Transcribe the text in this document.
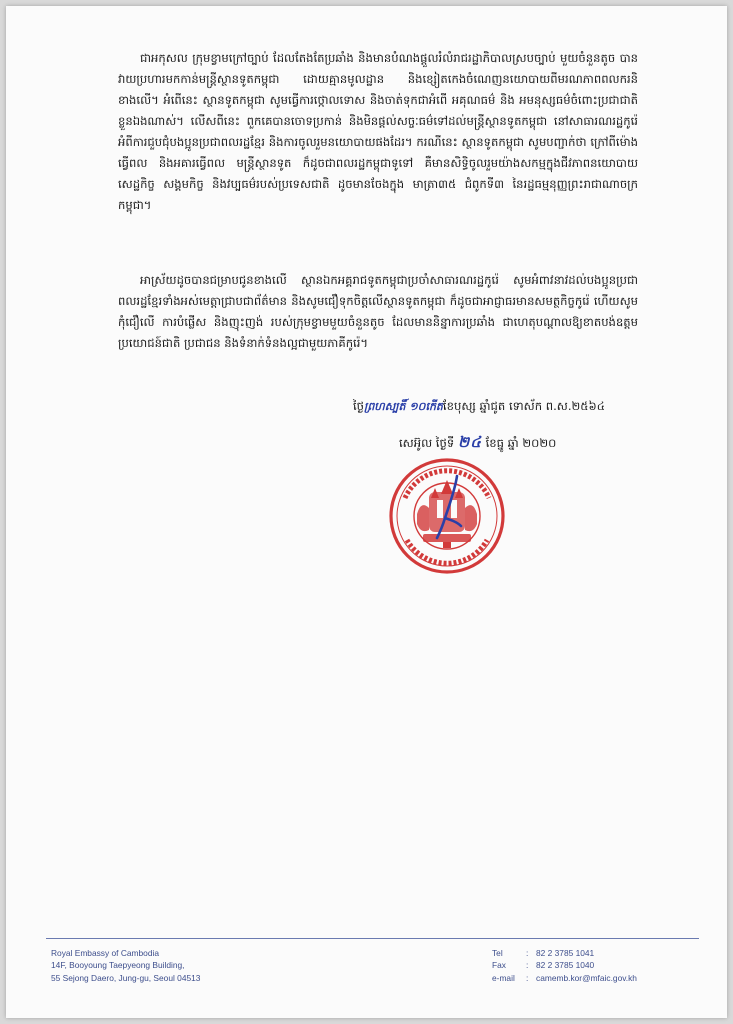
ជាអកុសល ក្រុមខ្វាមក្រៅច្បាប់ ដែលតែងតែប្រឆាំង និងមានបំណងផ្តួលរំលំរាជរដ្ឋាភិបាលស្របច្បាប់ មួយចំនួនតូច បានវាយប្រហារមកកាន់មន្ត្រីស្ថានទូតកម្ពុជា ដោយគ្មានមូលដ្ឋាន និងខ្សៀតកេងចំណេញនយោបាយពីមរណភាពពលករនិខាងលើ។ អំពើនេះ ស្ថានទូតកម្ពុជា សូមធ្វើការថ្កោលទោស និងចាត់ទុកជាអំពើ អគុណធម៌ និង អមនុស្សធម៌ចំពោះប្រជាជាតិខ្លួនឯងណាស់។ លើសពីនេះ ពួកគេបានចោទប្រកាន់ និងមិនផ្តល់សច្ចៈធម៌ទៅដល់មន្ត្រីស្ថានទូតកម្ពុជា នៅសាធារណរដ្ឋកូរ៉េ អំពីការជួបជុំបងប្អូនប្រជាពលរដ្ឋខ្មែរ និងការចូលរួមនយោបាយផងដែរ។ ករណីនេះ ស្ថានទូតកម្ពុជា សូមបញ្ជាក់ថា ក្រៅពីម៉ោងធ្វើពល និងអគារធ្វើពល មន្ត្រីស្ថានទូត ក៏ដូចជាពលរដ្ឋកម្ពុជាទូទៅ គឺមានសិទ្ធិចូលរួមយ៉ាងសកម្មក្នុងជីវភាពនយោបាយ សេដ្ឋកិច្ច សង្គមកិច្ច និងវប្បធម៌របស់ប្រទេសជាតិ ដូចមានចែងក្នុង មាត្រា៣៥ ជំពូកទី៣ នៃរដ្ឋធម្មនុញ្ញព្រះរាជាណាចក្រកម្ពុជា។

អាស្រ័យដូចបានជម្រាបជូនខាងលើ ស្ថានឯកអគ្គរាជទូតកម្ពុជាប្រចាំសាធារណរដ្ឋកូរ៉េ សូមអំពាវនាវដល់បងប្អូនប្រជាពលរដ្ឋខ្មែរទាំងអស់មេត្តាជ្រាបជាព័ត៌មាន និងសូមជឿទុកចិត្តលើស្ថានទូតកម្ពុជា ក៏ដូចជាអាជ្ញាធរមានសមត្ថកិច្ចកូរ៉េ ហើយសូមកុំជឿលើ ការបំផ្លើស និងញុះញង់ របស់ក្រុមខ្វាមមួយចំនួនតូច ដែលមាននិន្នាការប្រឆាំង ជាហេតុបណ្តាលឱ្យខាតបង់ឧត្តមប្រយោជន៍ជាតិ ប្រជាជន និងទំនាក់ទំនងល្អជាមួយភាគីកូរ៉េ។

ថ្ងៃព្រហស្បតិ៍ ១០កើតខែបុស្ស ឆ្នាំជូត ទោស័ក ព.ស.២៥៦៤
សេអ៊ូល ថ្ងៃទី ២៤ ខែធ្នូ ឆ្នាំ ២០២០
Royal Embassy of Cambodia
14F, Booyoung Taepyeong Building,
55 Sejong Daero, Jung-gu, Seoul 04513
Tel	: 82 2 3785 1041
Fax : 82 2 3785 1040
e-mail : camemb.kor@mfaic.gov.kh
